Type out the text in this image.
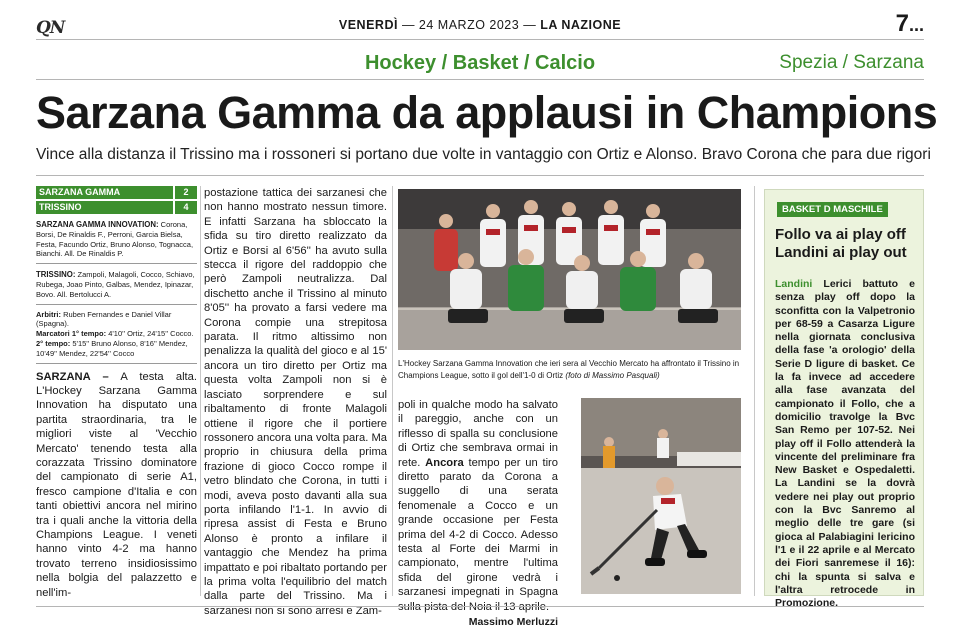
QN	VENERDÌ — 24 MARZO 2023 — LA NAZIONE	7...
Hockey / Basket / Calcio	Spezia / Sarzana
Sarzana Gamma da applausi in Champions
Vince alla distanza il Trissino ma i rossoneri si portano due volte in vantaggio con Ortiz e Alonso. Bravo Corona che para due rigori
SARZANA GAMMA	2
TRISSINO	4
SARZANA GAMMA INNOVATION: Corona, Borsi, De Rinaldis F., Perroni, Garcia Bielsa, Festa, Facundo Ortiz, Bruno Alonso, Tognacca, Bianchi. All. De Rinaldis P.
TRISSINO: Zampoli, Malagoli, Cocco, Schiavo, Rubega, Joao Pinto, Galbas, Mendez, Ipinazar, Bovo. All. Bertolucci A.
Arbitri: Ruben Fernandes e Daniel Villar (Spagna).
Marcatori 1° tempo: 4'10'' Ortiz, 24'15'' Cocco. 2° tempo: 5'15'' Bruno Alonso, 8'16'' Mendez, 10'49'' Mendez, 22'54'' Cocco
SARZANA – A testa alta. L'Hockey Sarzana Gamma Innovation ha disputato una partita straordinaria, tra le migliori viste al 'Vecchio Mercato' tenendo testa alla corazzata Trissino dominatore del campionato di serie A1, fresco campione d'Italia e con tanti obiettivi ancora nel mirino tra i quali anche la vittoria della Champions League. I veneti hanno vinto 4-2 ma hanno trovato terreno insidiosissimo nella bolgia del palazzetto e nell'im-
postazione tattica dei sarzanesi che non hanno mostrato nessun timore. E infatti Sarzana ha sbloccato la sfida su tiro diretto realizzato da Ortiz e Borsi al 6'56'' ha avuto sulla stecca il rigore del raddoppio che però Zampoli neutralizza. Dal dischetto anche il Trissino al minuto 8'05'' ha provato a farsi vedere ma Corona compie una strepitosa parata. Il ritmo altissimo non penalizza la qualità del gioco e al 15' ancora un tiro diretto per Ortiz ma questa volta Zampoli non si è lasciato sorprendere e sul ribaltamento di fronte Malagoli ottiene il rigore che il portiere rossonero ancora una volta para. Ma proprio in chiusura della prima frazione di gioco Cocco rompe il vetro blindato che Corona, in tutti i modi, aveva posto davanti alla sua porta infilando l'1-1. In avvio di ripresa assist di Festa e Bruno Alonso è pronto a infilare il vantaggio che Mendez ha prima impattato e poi ribaltato portando per la prima volta l'equilibrio del match dalla parte del Trissino. Ma i sarzanesi non si sono arresi e Zam-
L'Hockey Sarzana Gamma Innovation che ieri sera al Vecchio Mercato ha affrontato il Trissino in Champions League, sotto il gol dell'1-0 di Ortiz (foto di Massimo Pasquali)
poli in qualche modo ha salvato il pareggio, anche con un riflesso di spalla su conclusione di Ortiz che sembrava ormai in rete. Ancora tempo per un tiro diretto parato da Corona a suggello di una serata fenomenale a Cocco e un grande occasione per Festa prima del 4-2 di Cocco. Adesso testa al Forte dei Marmi in campionato, mentre l'ultima sfida del girone vedrà i sarzanesi impegnati in Spagna sulla pista del Noia il 13 aprile.
Massimo Merluzzi
BASKET D MASCHILE
Follo va ai play off Landini ai play out
Landini Lerici battuto e senza play off dopo la sconfitta con la Valpetronio per 68-59 a Casarza Ligure nella giornata conclusiva della fase 'a orologio' della Serie D ligure di basket. Ce la fa invece ad accedere alla fase avanzata del campionato il Follo, che a domicilio travolge la Bvc San Remo per 107-52. Nei play off il Follo attenderà la vincente del preliminare fra New Basket e Ospedaletti. La Landini se la dovrà vedere nei play out proprio con la Bvc Sanremo al meglio delle tre gare (si gioca al Palabiagini lericino l'1 e il 22 aprile e al Mercato dei Fiori sanremese il 16): chi la spunta si salva e l'altra retrocede in Promozione.
